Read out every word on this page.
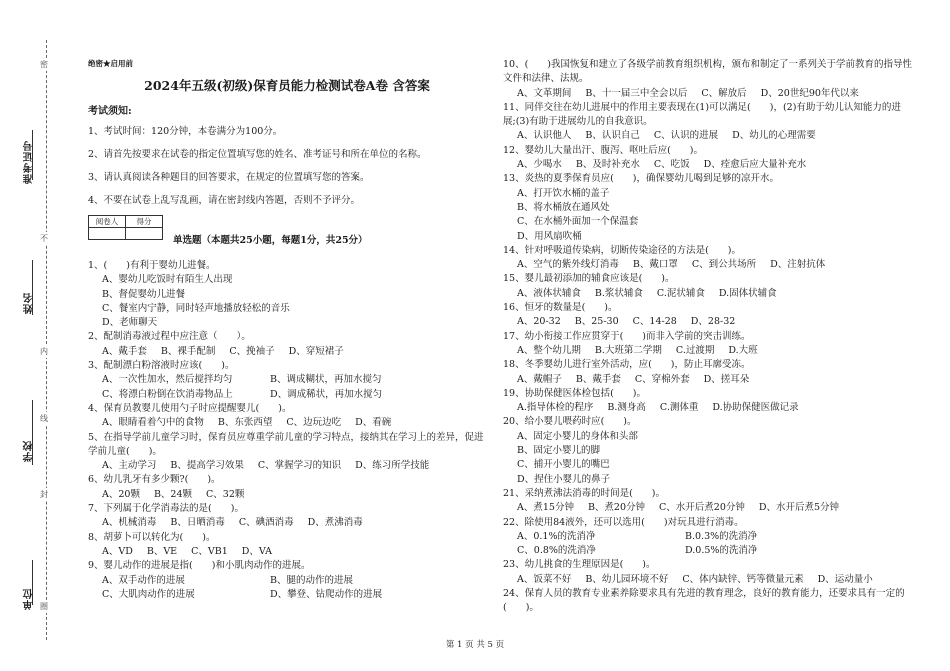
准考证号
姓名
学校
单位
密
不
内
线
封
圈
绝密★启用前
2024年五级(初级)保育员能力检测试卷A卷 含答案
考试须知:

1、考试时间：120分钟，本卷满分为100分。

2、请首先按要求在试卷的指定位置填写您的姓名、准考证号和所在单位的名称。

3、请认真阅读各种题目的回答要求，在规定的位置填写您的答案。

4、不要在试卷上乱写乱画，请在密封线内答题，否则不予评分。

阅卷人	得分

单选题（本题共25小题，每题1分，共25分）
1、(　　)有利于婴幼儿进餐。
A、婴幼儿吃饭时有陌生人出现
B、督促婴幼儿进餐
C、餐室内宁静，同时轻声地播放轻松的音乐
D、老师聊天
2、配制消毒液过程中应注意（　　）。
A、戴手套 B、裸手配制 C、挽袖子 D、穿短裙子
3、配制漂白粉溶液时应该(　　)。
A、一次性加水，然后搅拌均匀	B、调成糊状，再加水搅匀
C、将漂白粉倒在饮消毒物品上	D、调成稀状，再加水搅匀
4、保育员教婴儿使用勺子时应提醒婴儿(　　)。
A、眼睛看着勺中的食物 B、东张西望 C、边玩边吃 D、看碗
5、在指导学前儿童学习时，保育员应尊重学前儿童的学习特点，接纳其在学习上的差异，促进学前儿童(　　)。
A、主动学习 B、提高学习效果 C、掌握学习的知识 D、练习所学技能
6、幼儿乳牙有多少颗?(　　)。
A、20颗 B、24颗 C、32颗
7、下列属于化学消毒法的是(　　)。
A、机械消毒 B、日晒消毒 C、碘酒消毒 D、煮沸消毒
8、胡萝卜可以转化为(　　)。
A、VD B、VE C、VB1 D、VA
9、婴儿动作的进展是指(　　)和小肌肉动作的进展。
A、双手动作的进展	B、腿的动作的进展
C、大肌肉动作的进展	D、攀登、钻爬动作的进展
10、(　　)我国恢复和建立了各级学前教育组织机构，颁布和制定了一系列关于学前教育的指导性文件和法律、法规。
A、文革期间 B、十一届三中全会以后 C、解放后 D、20世纪90年代以来
11、同伴交往在幼儿进展中的作用主要表现在(1)可以满足(　　)，(2)有助于幼儿认知能力的进展;(3)有助于进展幼儿的自我意识。
A、认识他人 B、认识自己 C、认识的进展 D、幼儿的心理需要
12、婴幼儿大量出汗、腹泻、呕吐后应(　　)。
A、少喝水 B、及时补充水 C、吃饭 D、痊愈后应大量补充水
13、炎热的夏季保育员应(　　)，确保婴幼儿喝到足够的凉开水。
A、打开饮水桶的盖子
B、将水桶放在通风处
C、在水桶外面加一个保温套
D、用风扇吹桶
14、针对呼吸道传染病，切断传染途径的方法是(　　)。
A、空气的紫外线灯消毒 B、戴口罩 C、到公共场所 D、注射抗体
15、婴儿最初添加的辅食应该是(　　)。
A、液体状辅食 B.浆状辅食 C.泥状辅食 D.固体状辅食
16、恒牙的数量是(　　)。
A、20-32 B、25-30 C、14-28 D、28-32
17、幼小衔接工作应贯穿于(　　)而非入学前的突击训练。
A、整个幼儿期 B.大班第二学期 C.过渡期 D.大班
18、冬季婴幼儿进行室外活动，应(　　)，防止耳廓受冻。
A、戴帽子 B、戴手套 C、穿棉外套 D、搓耳朵
19、协助保健医体检包括(　　)。
A.指导体检的程序 B.测身高 C.测体重 D.协助保健医做记录
20、给小婴儿喂药时应(　　)。
A、固定小婴儿的身体和头部
B、固定小婴儿的脚
C、捕开小婴儿的嘴巴
D、捏住小婴儿的鼻子
21、采纳煮沸法消毒的时间是(　　)。
A、煮15分钟 B、煮20分钟 C、水开后煮20分钟 D、水开后煮5分钟
22、除使用84液外，还可以选用(　　)对玩具进行消毒。
A、0.1%的洗消净	B.0.3%的洗消净
C、0.8%的洗消净	D.0.5%的洗消净
23、幼儿挑食的生理原因是(　　)。
A、饭菜不好 B、幼儿园环境不好 C、体内缺锌、钙等微量元素 D、运动量小
24、保育人员的教育专业素养除要求具有先进的教育理念，良好的教育能力，还要求具有一定的(　　)。
第 1 页 共 5 页
